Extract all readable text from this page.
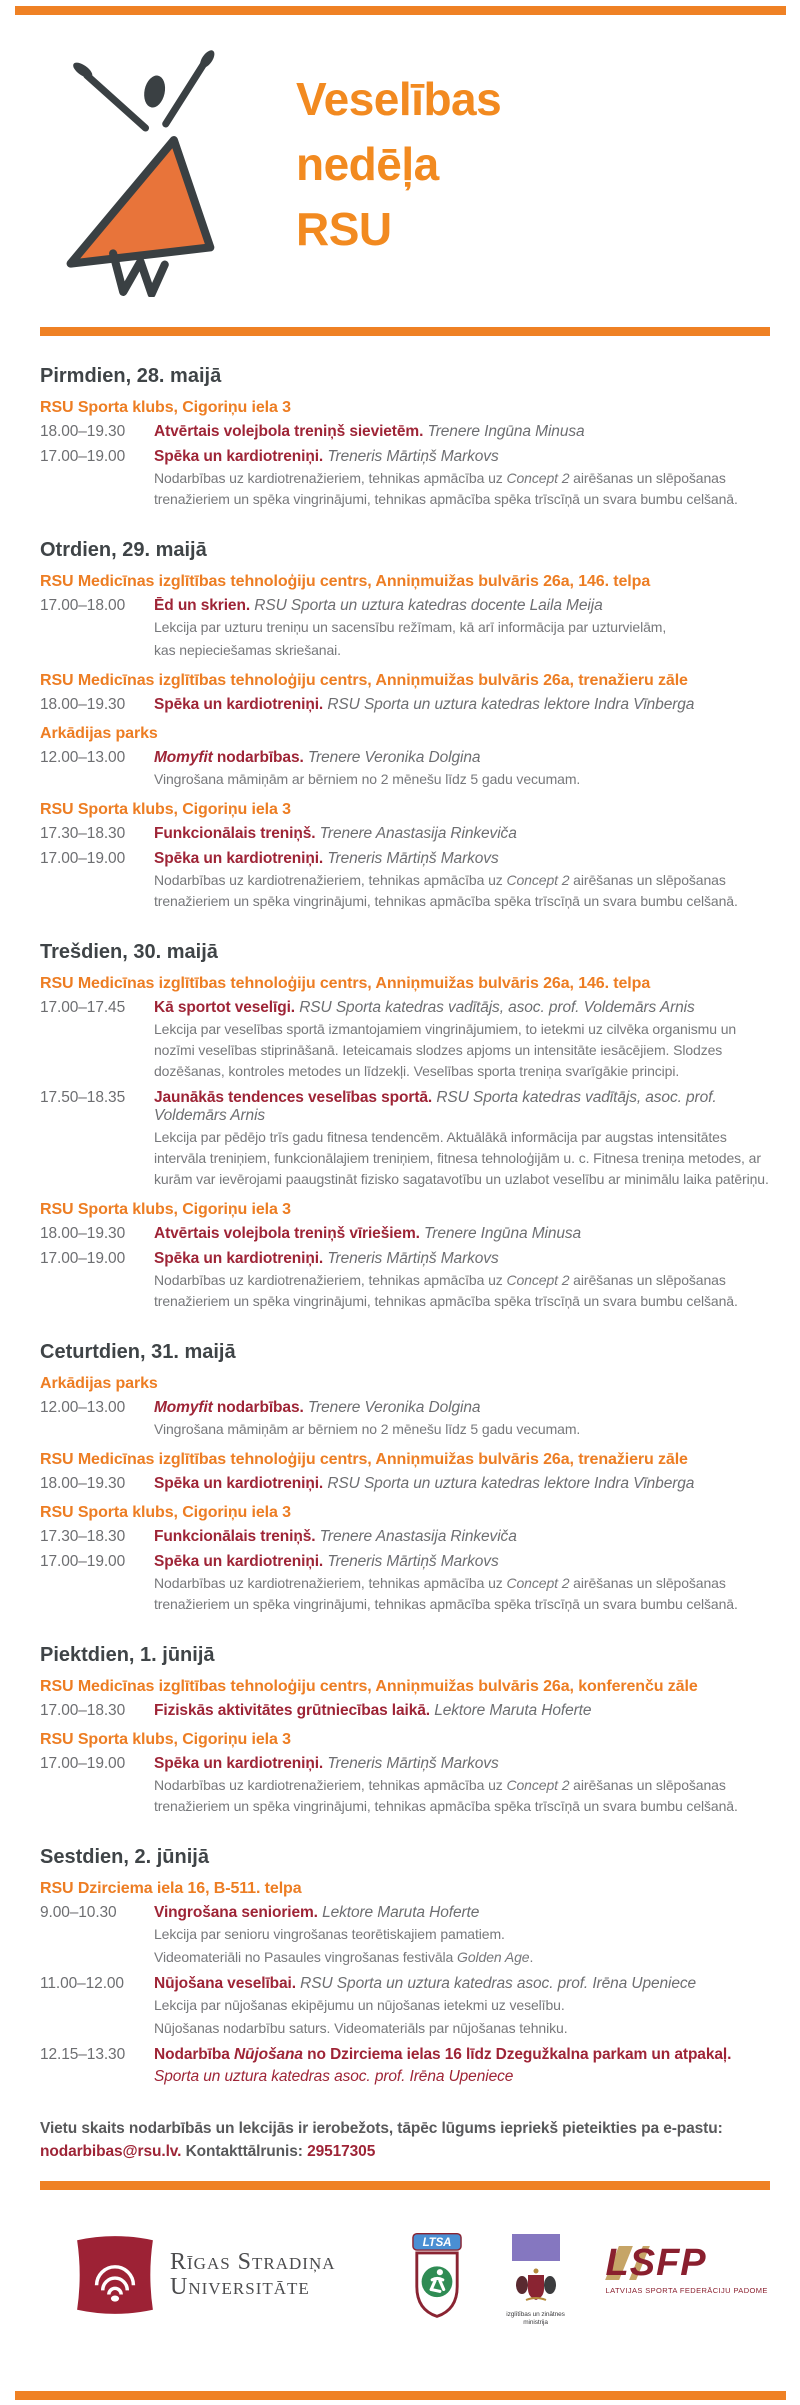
Veselības
nedēļa
RSU
Pirmdien, 28. maijā
RSU Sporta klubs, Cigoriņu iela 3
18.00–19.30	Atvērtais volejbola treniņš sievietēm. Trenere Ingūna Minusa
17.00–19.00	Spēka un kardiotreniņi. Treneris Mārtiņš Markovs
Nodarbības uz kardiotrenažieriem, tehnikas apmācība uz Concept 2 airēšanas un slēpošanas trenažieriem un spēka vingrinājumi, tehnikas apmācība spēka trīscīņā un svara bumbu celšanā.
Otrdien, 29. maijā
RSU Medicīnas izglītības tehnoloģiju centrs, Anniņmuižas bulvāris 26a, 146. telpa
17.00–18.00	Ēd un skrien. RSU Sporta un uztura katedras docente Laila Meija
Lekcija par uzturu treniņu un sacensību režīmam, kā arī informācija par uzturvielām,
kas nepieciešamas skriešanai.
RSU Medicīnas izglītības tehnoloģiju centrs, Anniņmuižas bulvāris 26a, trenažieru zāle
18.00–19.30	Spēka un kardiotreniņi. RSU Sporta un uztura katedras lektore Indra Vīnberga
Arkādijas parks
12.00–13.00	Momyfit nodarbības. Trenere Veronika Dolgina
Vingrošana māmiņām ar bērniem no 2 mēnešu līdz 5 gadu vecumam.
RSU Sporta klubs, Cigoriņu iela 3
17.30–18.30	Funkcionālais treniņš. Trenere Anastasija Rinkeviča
17.00–19.00	Spēka un kardiotreniņi. Treneris Mārtiņš Markovs
Nodarbības uz kardiotrenažieriem, tehnikas apmācība uz Concept 2 airēšanas un slēpošanas trenažieriem un spēka vingrinājumi, tehnikas apmācība spēka trīscīņā un svara bumbu celšanā.
Trešdien, 30. maijā
RSU Medicīnas izglītības tehnoloģiju centrs, Anniņmuižas bulvāris 26a, 146. telpa
17.00–17.45	Kā sportot veselīgi. RSU Sporta katedras vadītājs, asoc. prof. Voldemārs Arnis
Lekcija par veselības sportā izmantojamiem vingrinājumiem, to ietekmi uz cilvēka organismu un nozīmi veselības stiprināšanā. Ieteicamais slodzes apjoms un intensitāte iesācējiem. Slodzes dozēšanas, kontroles metodes un līdzekļi. Veselības sporta treniņa svarīgākie principi.
17.50–18.35	Jaunākās tendences veselības sportā. RSU Sporta katedras vadītājs, asoc. prof. Voldemārs Arnis
Lekcija par pēdējo trīs gadu fitnesa tendencēm. Aktuālākā informācija par augstas intensitātes intervāla treniņiem, funkcionālajiem treniņiem, fitnesa tehnoloģijām u. c. Fitnesa treniņa metodes, ar kurām var ievērojami paaugstināt fizisko sagatavotību un uzlabot veselību ar minimālu laika patēriņu.
RSU Sporta klubs, Cigoriņu iela 3
18.00–19.30	Atvērtais volejbola treniņš vīriešiem. Trenere Ingūna Minusa
17.00–19.00	Spēka un kardiotreniņi. Treneris Mārtiņš Markovs
Nodarbības uz kardiotrenažieriem, tehnikas apmācība uz Concept 2 airēšanas un slēpošanas trenažieriem un spēka vingrinājumi, tehnikas apmācība spēka trīscīņā un svara bumbu celšanā.
Ceturtdien, 31. maijā
Arkādijas parks
12.00–13.00	Momyfit nodarbības. Trenere Veronika Dolgina
Vingrošana māmiņām ar bērniem no 2 mēnešu līdz 5 gadu vecumam.
RSU Medicīnas izglītības tehnoloģiju centrs, Anniņmuižas bulvāris 26a, trenažieru zāle
18.00–19.30	Spēka un kardiotreniņi. RSU Sporta un uztura katedras lektore Indra Vīnberga
RSU Sporta klubs, Cigoriņu iela 3
17.30–18.30	Funkcionālais treniņš. Trenere Anastasija Rinkeviča
17.00–19.00	Spēka un kardiotreniņi. Treneris Mārtiņš Markovs
Nodarbības uz kardiotrenažieriem, tehnikas apmācība uz Concept 2 airēšanas un slēpošanas trenažieriem un spēka vingrinājumi, tehnikas apmācība spēka trīscīņā un svara bumbu celšanā.
Piektdien, 1. jūnijā
RSU Medicīnas izglītības tehnoloģiju centrs, Anniņmuižas bulvāris 26a, konferenču zāle
17.00–18.30	Fiziskās aktivitātes grūtniecības laikā. Lektore Maruta Hoferte
RSU Sporta klubs, Cigoriņu iela 3
17.00–19.00	Spēka un kardiotreniņi. Treneris Mārtiņš Markovs
Nodarbības uz kardiotrenažieriem, tehnikas apmācība uz Concept 2 airēšanas un slēpošanas trenažieriem un spēka vingrinājumi, tehnikas apmācība spēka trīscīņā un svara bumbu celšanā.
Sestdien, 2. jūnijā
RSU Dzirciema iela 16, B-511. telpa
9.00–10.30	Vingrošana senioriem. Lektore Maruta Hoferte
Lekcija par senioru vingrošanas teorētiskajiem pamatiem.
Videomateriāli no Pasaules vingrošanas festivāla Golden Age.
11.00–12.00	Nūjošana veselībai. RSU Sporta un uztura katedras asoc. prof. Irēna Upeniece
Lekcija par nūjošanas ekipējumu un nūjošanas ietekmi uz veselību.
Nūjošanas nodarbību saturs. Videomateriāls par nūjošanas tehniku.
12.15–13.30	Nodarbība Nūjošana no Dzirciema ielas 16 līdz Dzegužkalna parkam un atpakaļ.
Sporta un uztura katedras asoc. prof. Irēna Upeniece
Vietu skaits nodarbībās un lekcijās ir ierobežots, tāpēc lūgums iepriekš pieteikties pa e-pastu:
nodarbibas@rsu.lv. Kontakttālrunis: 29517305
Rīgas Stradiņa
Universitāte
LTSA
izglītības un zinātnes
ministrija
LSFP
LATVIJAS SPORTA FEDERĀCIJU PADOME
